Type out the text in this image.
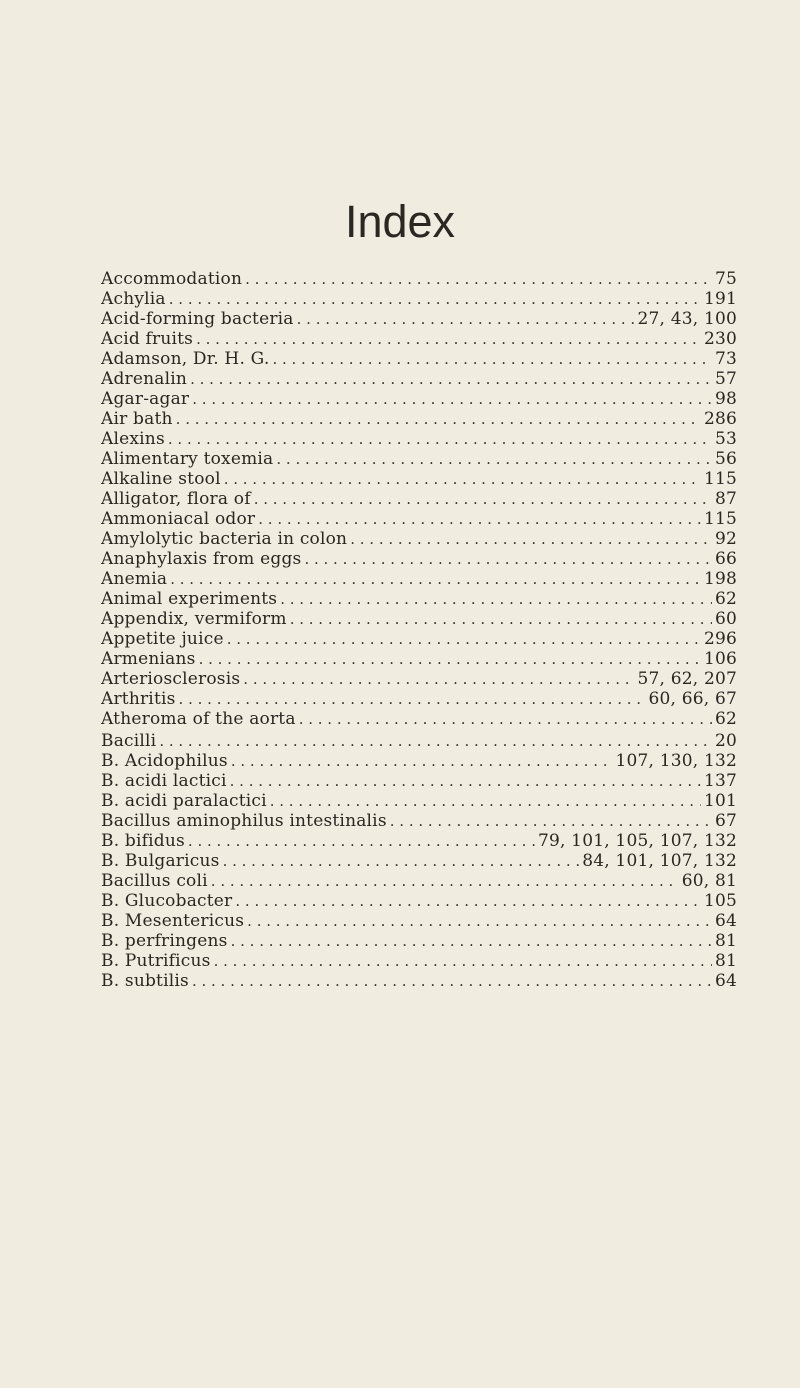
Index
Accommodation . . .	75
Achylia . . .	191
Acid-forming bacteria . . .	27, 43, 100
Acid fruits . . .	230
Adamson, Dr. H. G. . . .	73
Adrenalin . . .	57
Agar-agar . . .	98
Air bath . . .	286
Alexins . . .	53
Alimentary toxemia . . .	56
Alkaline stool . . .	115
Alligator, flora of . . .	87
Ammoniacal odor . . .	115
Amylolytic bacteria in colon . . .	92
Anaphylaxis from eggs . . .	66
Anemia . . .	198
Animal experiments . . .	62
Appendix, vermiform . . .	60
Appetite juice . . .	296
Armenians . . .	106
Arteriosclerosis . . .	57, 62, 207
Arthritis . . .	60, 66, 67
Atheroma of the aorta . . .	62
Bacilli . . .	20
B. Acidophilus . . .	107, 130, 132
B. acidi lactici . . .	137
B. acidi paralactici . . .	101
Bacillus aminophilus intestinalis . . .	67
B. bifidus . . .	79, 101, 105, 107, 132
B. Bulgaricus . . .	84, 101, 107, 132
Bacillus coli . . .	60, 81
B. Glucobacter . . .	105
B. Mesentericus . . .	64
B. perfringens . . .	81
B. Putrificus . . .	81
B. subtilis . . .	64
